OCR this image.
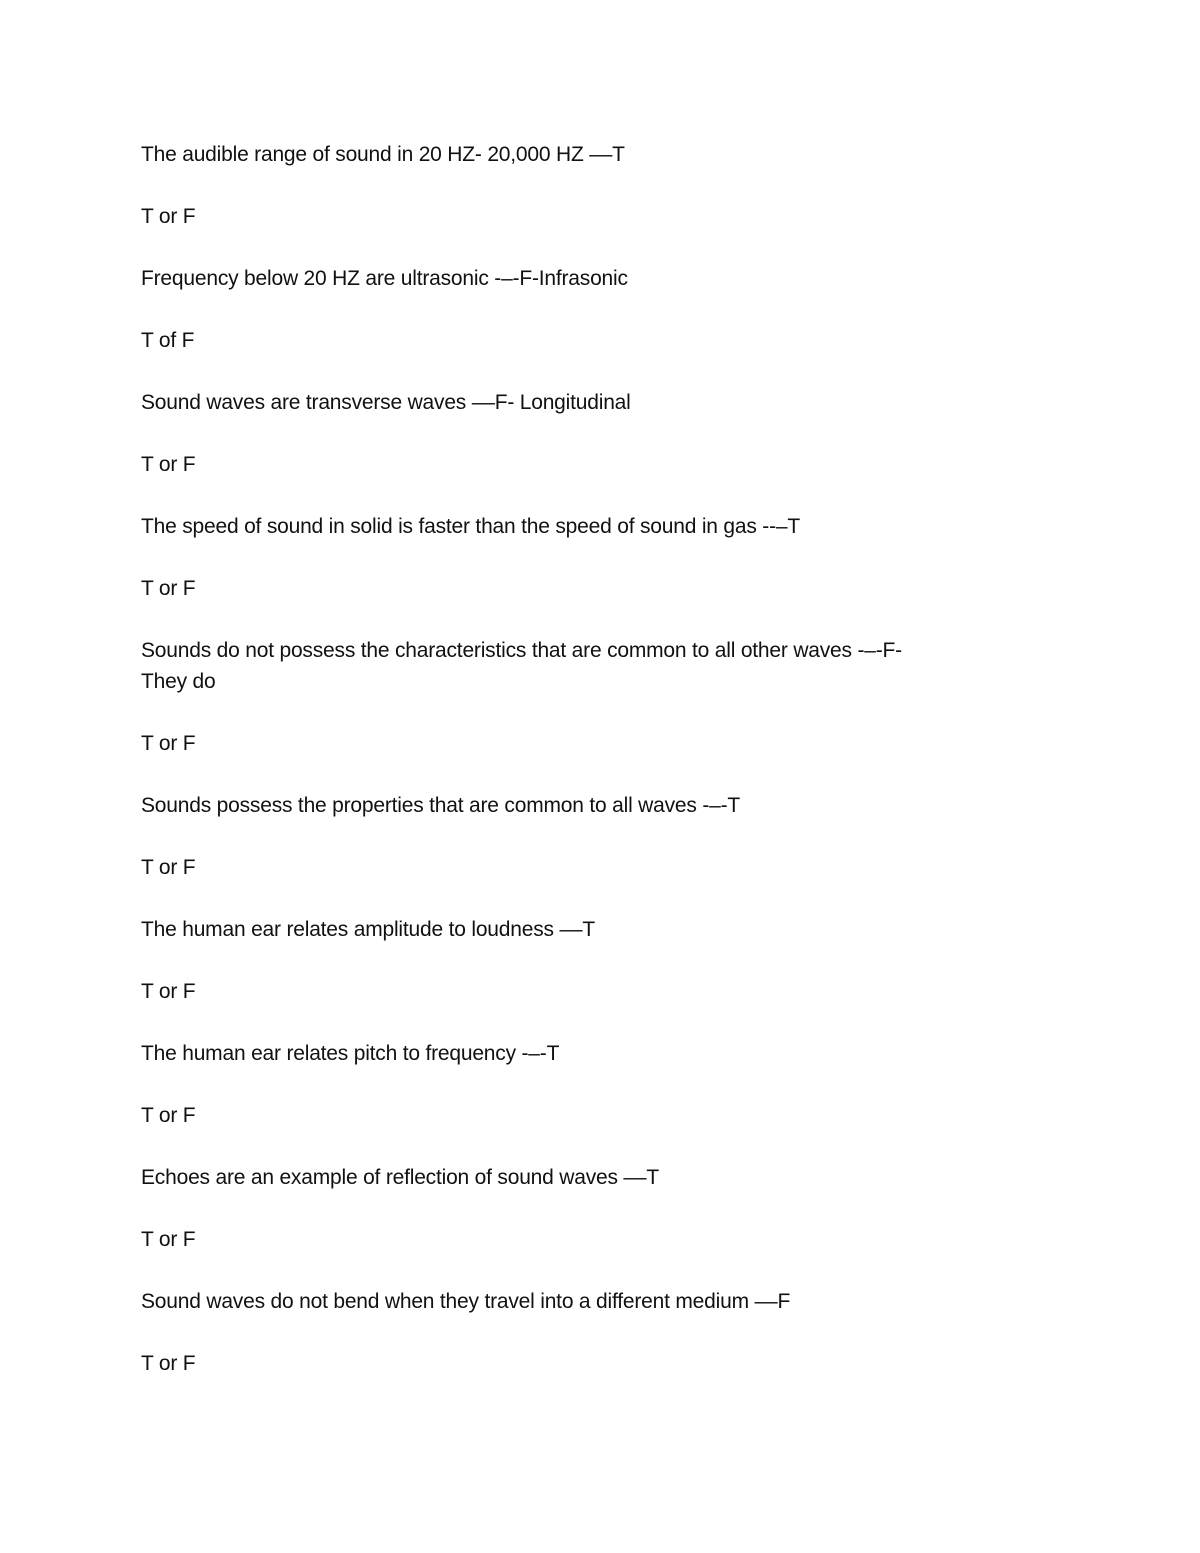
The audible range of sound in 20 HZ- 20,000 HZ ––T

T or F

Frequency below 20 HZ are ultrasonic -–-F-Infrasonic

T of F

Sound waves are transverse waves ––F- Longitudinal

T or F

The speed of sound in solid is faster than the speed of sound in gas --–T

T or F

Sounds do not possess the characteristics that are common to all other waves -–-F-
They do

T or F

Sounds possess the properties that are common to all waves -–-T

T or F

The human ear relates amplitude to loudness ––T

T or F

The human ear relates pitch to frequency -–-T

T or F

Echoes are an example of reflection of sound waves ––T

T or F

Sound waves do not bend when they travel into a different medium ––F

T or F
